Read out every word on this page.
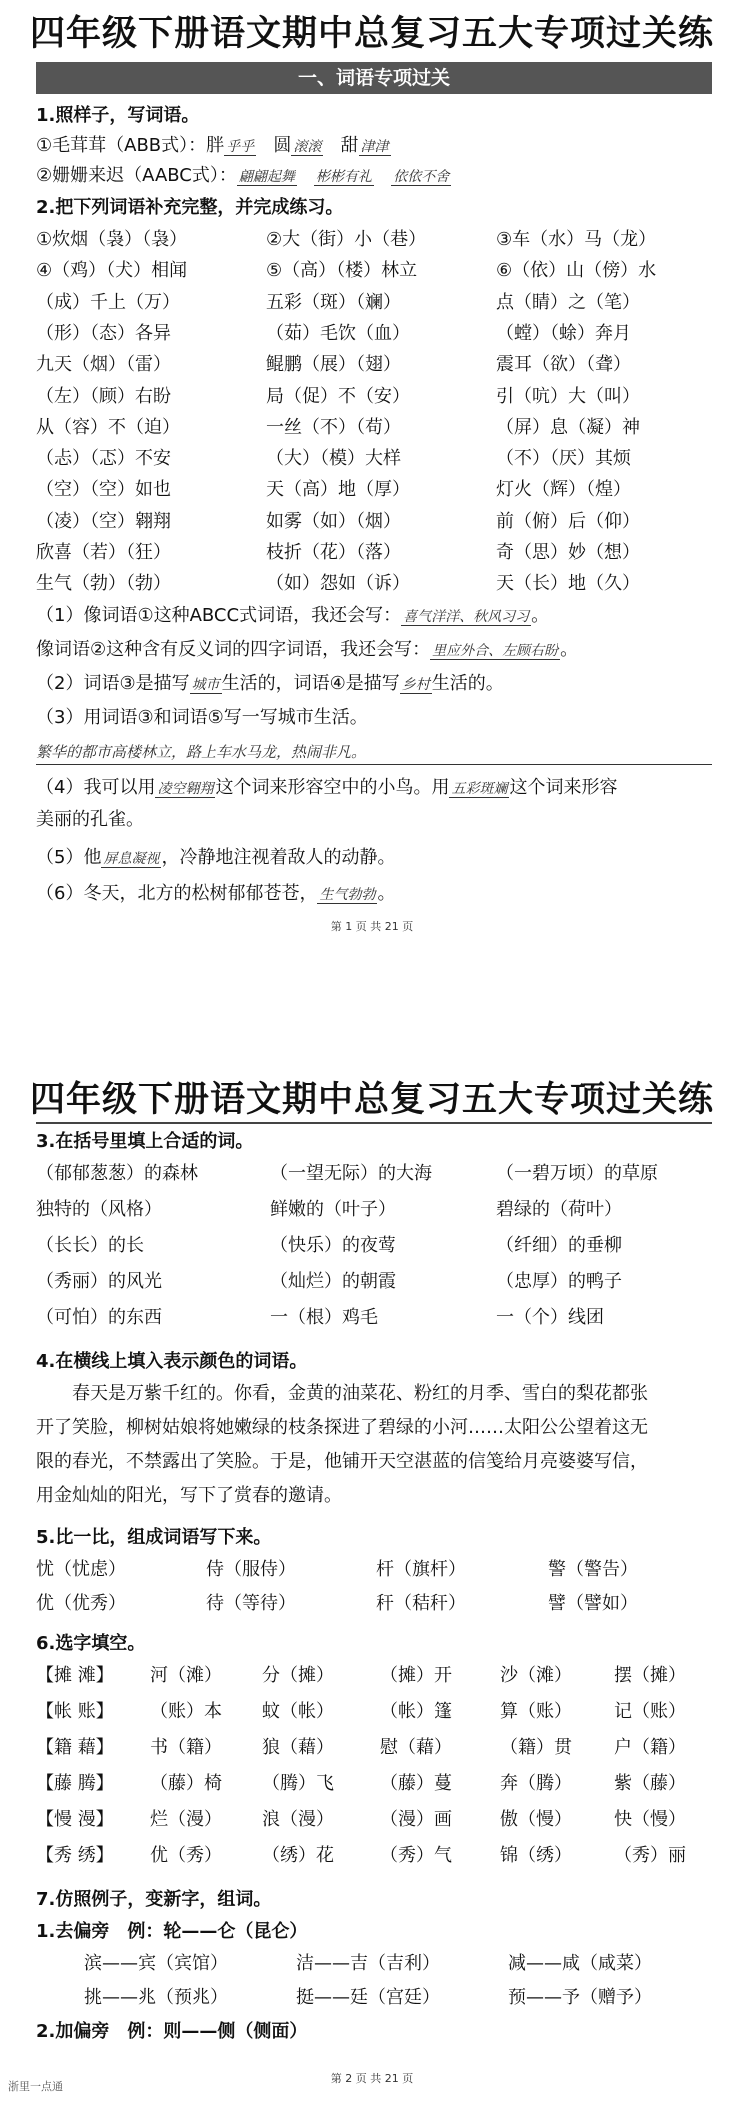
四年级下册语文期中总复习五大专项过关练
一、词语专项过关
1.照样子，写词语。
①毛茸茸（ABB式）：胖 乎乎 圆 滚滚 甜 津津
②姗姗来迟（AABC式）： 翩翩起舞 彬彬有礼 依依不舍
2.把下列词语补充完整，并完成练习。
①炊烟（袅）（袅）	②大（街）小（巷）	③车（水）马（龙）
④（鸡）（犬）相闻	⑤（高）（楼）林立	⑥（依）山（傍）水
（成）千上（万）	五彩（斑）（斓）	点（睛）之（笔）
（形）（态）各异	（茹）毛饮（血）	（螳）（蜍）奔月
九天（烟）（雷）	鲲鹏（展）（翅）	震耳（欲）（聋）
（左）（顾）右盼	局（促）不（安）	引（吭）大（叫）
从（容）不（迫）	一丝（不）（苟）	（屏）息（凝）神
（忐）（忑）不安	（大）（模）大样	（不）（厌）其烦
（空）（空）如也	天（高）地（厚）	灯火（辉）（煌）
（凌）（空）翱翔	如雾（如）（烟）	前（俯）后（仰）
欣喜（若）（狂）	枝折（花）（落）	奇（思）妙（想）
生气（勃）（勃）	（如）怨如（诉）	天（长）地（久）
（1）像词语①这种ABCC式词语，我还会写： 喜气洋洋、秋风习习 。
像词语②这种含有反义词的四字词语，我还会写： 里应外合、左顾右盼 。
（2）词语③是描写 城市 生活的，词语④是描写 乡村 生活的。
（3）用词语③和词语⑤写一写城市生活。
繁华的都市高楼林立，路上车水马龙，热闹非凡。
（4）我可以用 凌空翱翔 这个词来形容空中的小鸟。用 五彩斑斓 这个词来形容
美丽的孔雀。
（5）他 屏息凝视 ，冷静地注视着敌人的动静。
（6）冬天，北方的松树郁郁苍苍， 生气勃勃 。
第 1 页 共 21 页
四年级下册语文期中总复习五大专项过关练
3.在括号里填上合适的词。
（郁郁葱葱）的森林	（一望无际）的大海	（一碧万顷）的草原
独特的（风格）	鲜嫩的（叶子）	碧绿的（荷叶）
（长长）的长	（快乐）的夜莺	（纤细）的垂柳
（秀丽）的风光	（灿烂）的朝霞	（忠厚）的鸭子
（可怕）的东西	一（根）鸡毛	一（个）线团
4.在横线上填入表示颜色的词语。
春天是万紫千红的。你看，金黄的油菜花、粉红的月季、雪白的梨花都张
开了笑脸，柳树姑娘将她嫩绿的枝条探进了碧绿的小河……太阳公公望着这无
限的春光，不禁露出了笑脸。于是，他铺开天空湛蓝的信笺给月亮婆婆写信，
用金灿灿的阳光，写下了赏春的邀请。
5.比一比，组成词语写下来。
忧（忧虑）	侍（服侍）	杆（旗杆）	警（警告）
优（优秀）	待（等待）	秆（秸秆）	譬（譬如）
6.选字填空。
【摊 滩】 河（滩） 分（摊）	（摊）开	沙（滩） 摆（摊）
【帐 账】 （账）本 蚊（帐）	（帐）篷	算（账） 记（账）
【籍 藉】 书（籍） 狼（藉）	慰（藉）	（籍）贯 户（籍）
【藤 腾】 （藤）椅 （腾）飞	（藤）蔓	奔（腾） 紫（藤）
【慢 漫】 烂（漫） 浪（漫）	（漫）画	傲（慢） 快（慢）
【秀 绣】 优（秀） （绣）花	（秀）气	锦（绣） （秀）丽
7.仿照例子，变新字，组词。
1.去偏旁　例：轮——仑（昆仑）
滨——宾（宾馆）	洁——吉（吉利）	减——咸（咸菜）
挑——兆（预兆）	挺——廷（宫廷）	预——予（赠予）
2.加偏旁　例：则——侧（侧面）
第 2 页 共 21 页
浙里一点通
